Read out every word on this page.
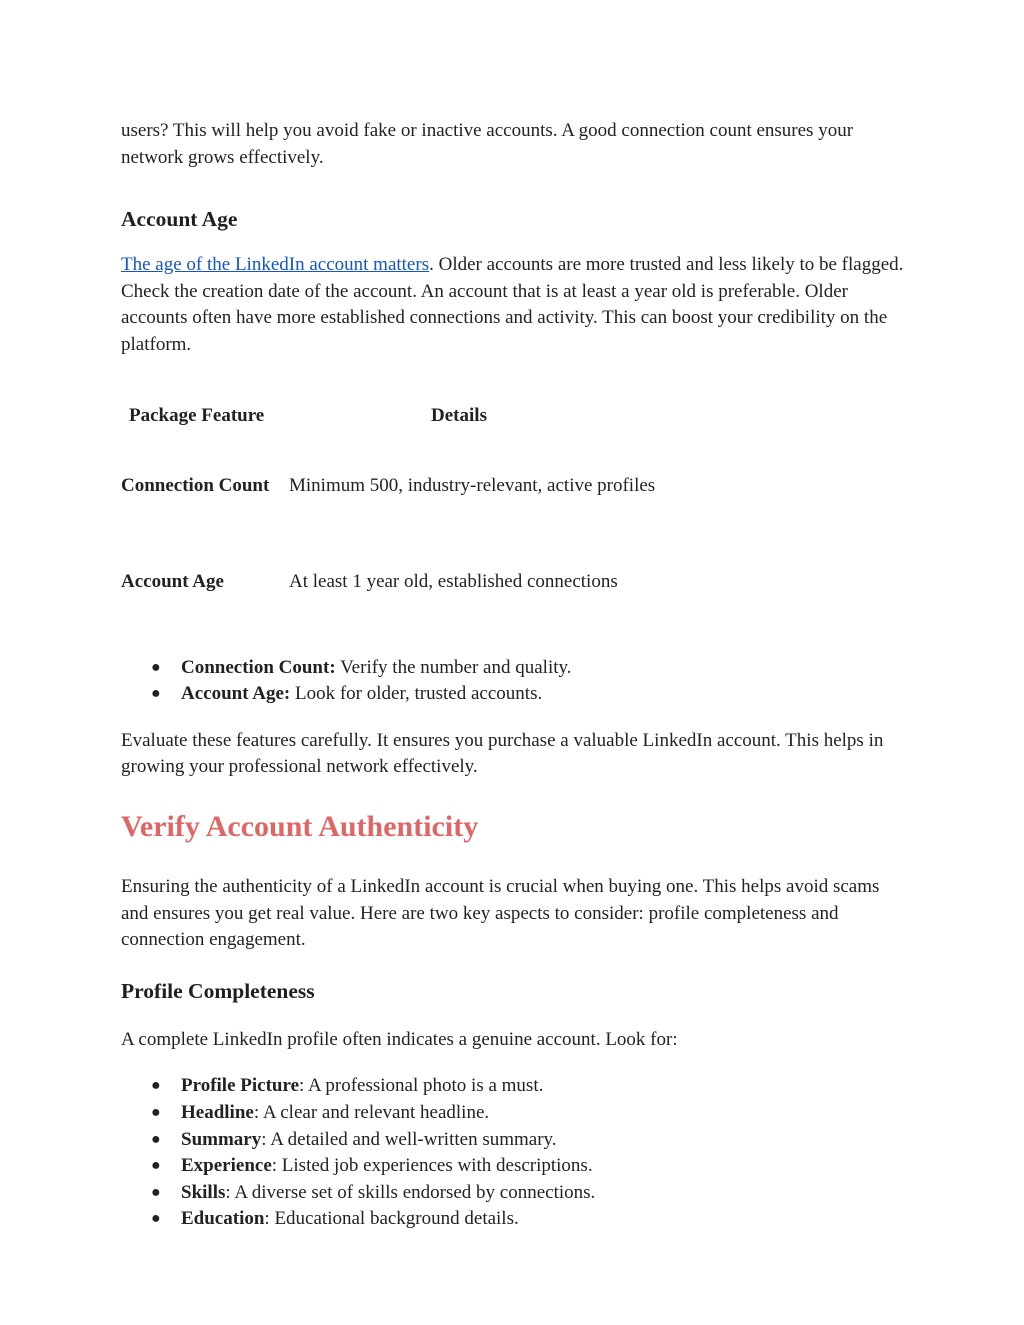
users? This will help you avoid fake or inactive accounts. A good connection count ensures your network grows effectively.

Account Age

The age of the LinkedIn account matters. Older accounts are more trusted and less likely to be flagged. Check the creation date of the account. An account that is at least a year old is preferable. Older accounts often have more established connections and activity. This can boost your credibility on the platform.

Package Feature	Details
Connection Count	Minimum 500, industry-relevant, active profiles
Account Age	At least 1 year old, established connections
● Connection Count: Verify the number and quality.
● Account Age: Look for older, trusted accounts.

Evaluate these features carefully. It ensures you purchase a valuable LinkedIn account. This helps in growing your professional network effectively.

Verify Account Authenticity

Ensuring the authenticity of a LinkedIn account is crucial when buying one. This helps avoid scams and ensures you get real value. Here are two key aspects to consider: profile completeness and connection engagement.

Profile Completeness

A complete LinkedIn profile often indicates a genuine account. Look for:

● Profile Picture: A professional photo is a must.
● Headline: A clear and relevant headline.
● Summary: A detailed and well-written summary.
● Experience: Listed job experiences with descriptions.
● Skills: A diverse set of skills endorsed by connections.
● Education: Educational background details.
